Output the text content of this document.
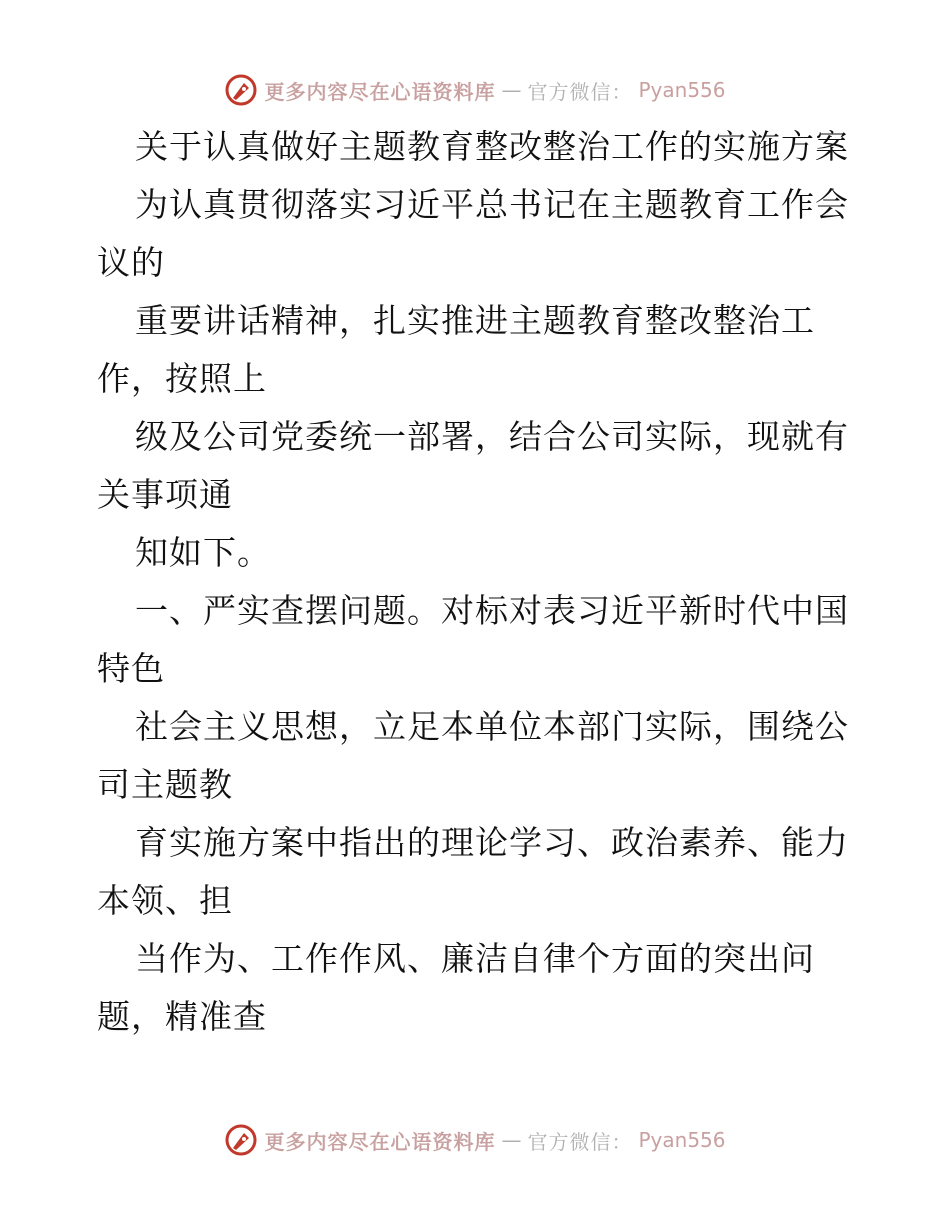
更多内容尽在心语资料库 — 官方微信： Pyan556
关于认真做好主题教育整改整治工作的实施方案
为认真贯彻落实习近平总书记在主题教育工作会
议的
重要讲话精神，扎实推进主题教育整改整治工
作，按照上
级及公司党委统一部署，结合公司实际，现就有
关事项通
知如下。
一、严实查摆问题。对标对表习近平新时代中国
特色
社会主义思想，立足本单位本部门实际，围绕公
司主题教
育实施方案中指出的理论学习、政治素养、能力
本领、担
当作为、工作作风、廉洁自律个方面的突出问
题，精准查
更多内容尽在心语资料库 — 官方微信： Pyan556
